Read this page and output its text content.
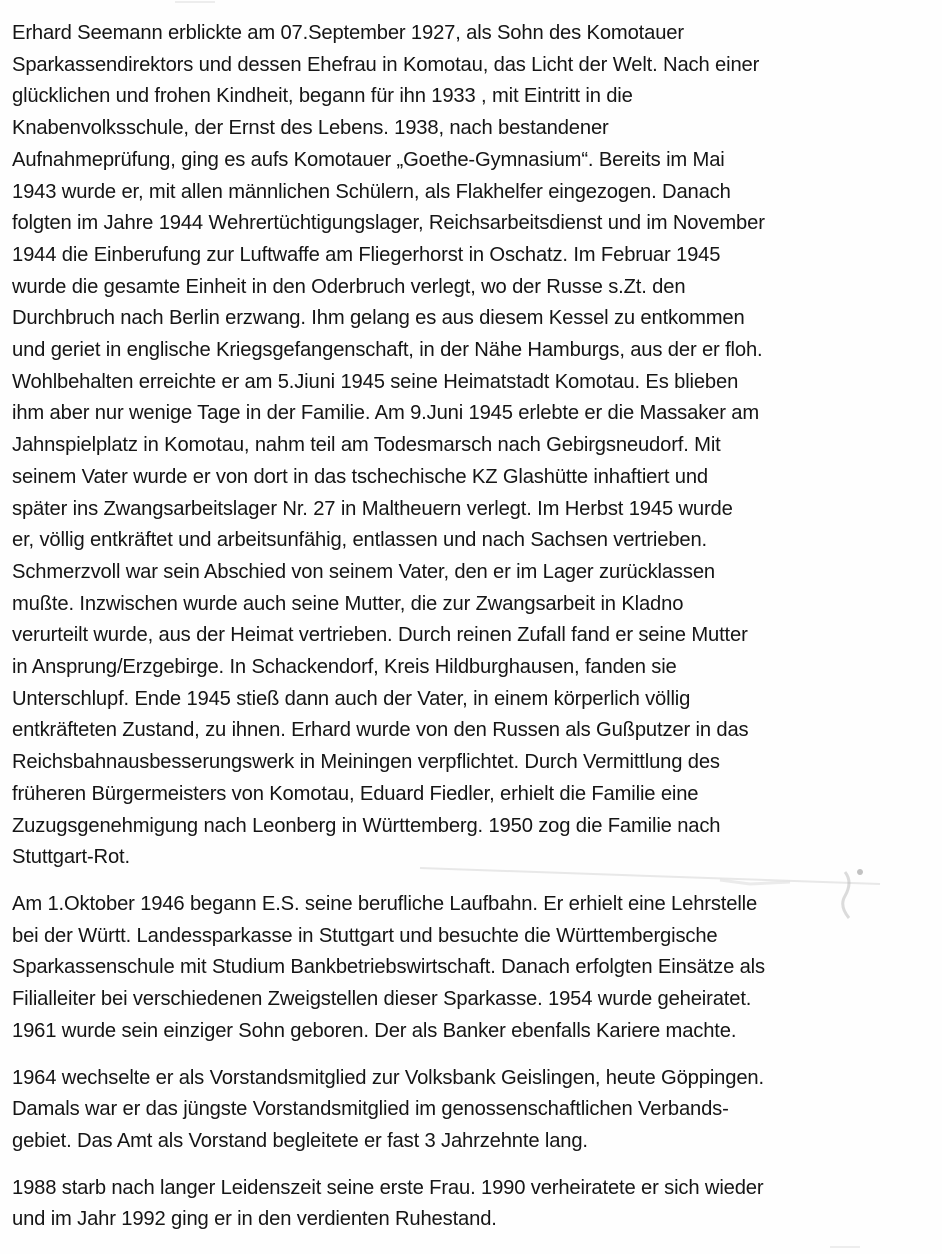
Erhard Seemann erblickte am 07.September 1927, als Sohn des Komotauer
Sparkassendirektors und dessen Ehefrau in Komotau, das Licht der Welt. Nach einer
glücklichen und frohen Kindheit, begann für ihn 1933 , mit Eintritt in die
Knabenvolksschule, der Ernst des Lebens. 1938, nach bestandener
Aufnahmeprüfung, ging es aufs Komotauer „Goethe-Gymnasium“. Bereits im Mai
1943 wurde er, mit allen männlichen Schülern, als Flakhelfer eingezogen. Danach
folgten im Jahre 1944 Wehrertüchtigungslager, Reichsarbeitsdienst und im November
1944 die Einberufung zur Luftwaffe am Fliegerhorst in Oschatz. Im Februar 1945
wurde die gesamte Einheit in den Oderbruch verlegt, wo der Russe s.Zt. den
Durchbruch nach Berlin erzwang. Ihm gelang es aus diesem Kessel zu entkommen
und geriet in englische Kriegsgefangenschaft, in der Nähe Hamburgs, aus der er floh.
Wohlbehalten erreichte er am 5.Jiuni 1945 seine Heimatstadt Komotau. Es blieben
ihm aber nur wenige Tage in der Familie. Am 9.Juni 1945 erlebte er die Massaker am
Jahnspielplatz in Komotau, nahm teil am Todesmarsch nach Gebirgsneudorf. Mit
seinem Vater wurde er von dort in das tschechische KZ Glashütte inhaftiert und
später ins Zwangsarbeitslager Nr. 27 in Maltheuern verlegt. Im Herbst 1945 wurde
er, völlig entkräftet und arbeitsunfähig, entlassen und nach Sachsen vertrieben.
Schmerzvoll war sein Abschied von seinem Vater, den er im Lager zurücklassen
mußte. Inzwischen wurde auch seine Mutter, die zur Zwangsarbeit in Kladno
verurteilt wurde, aus der Heimat vertrieben. Durch reinen Zufall fand er seine Mutter
in Ansprung/Erzgebirge. In Schackendorf, Kreis Hildburghausen, fanden sie
Unterschlupf. Ende 1945 stieß dann auch der Vater, in einem körperlich völlig
entkräfteten Zustand, zu ihnen. Erhard wurde von den Russen als Gußputzer in das
Reichsbahnausbesserungswerk in Meiningen verpflichtet. Durch Vermittlung des
früheren Bürgermeisters von Komotau, Eduard Fiedler, erhielt die Familie eine
Zuzugsgenehmigung nach Leonberg in Württemberg. 1950 zog die Familie nach
Stuttgart-Rot.
Am 1.Oktober 1946 begann E.S. seine berufliche Laufbahn. Er erhielt eine Lehrstelle
bei der Württ. Landessparkasse in Stuttgart und besuchte die Württembergische
Sparkassenschule mit Studium Bankbetriebswirtschaft. Danach erfolgten Einsätze als
Filialleiter bei verschiedenen Zweigstellen dieser Sparkasse. 1954 wurde geheiratet.
1961 wurde sein einziger Sohn geboren. Der als Banker ebenfalls Kariere machte.
1964 wechselte er als Vorstandsmitglied zur Volksbank Geislingen, heute Göppingen.
Damals war er das jüngste Vorstandsmitglied im genossenschaftlichen Verbands-
gebiet. Das Amt als Vorstand begleitete er fast 3 Jahrzehnte lang.
1988 starb nach langer Leidenszeit seine erste Frau. 1990 verheiratete er sich wieder
und im Jahr 1992 ging er in den verdienten Ruhestand.
